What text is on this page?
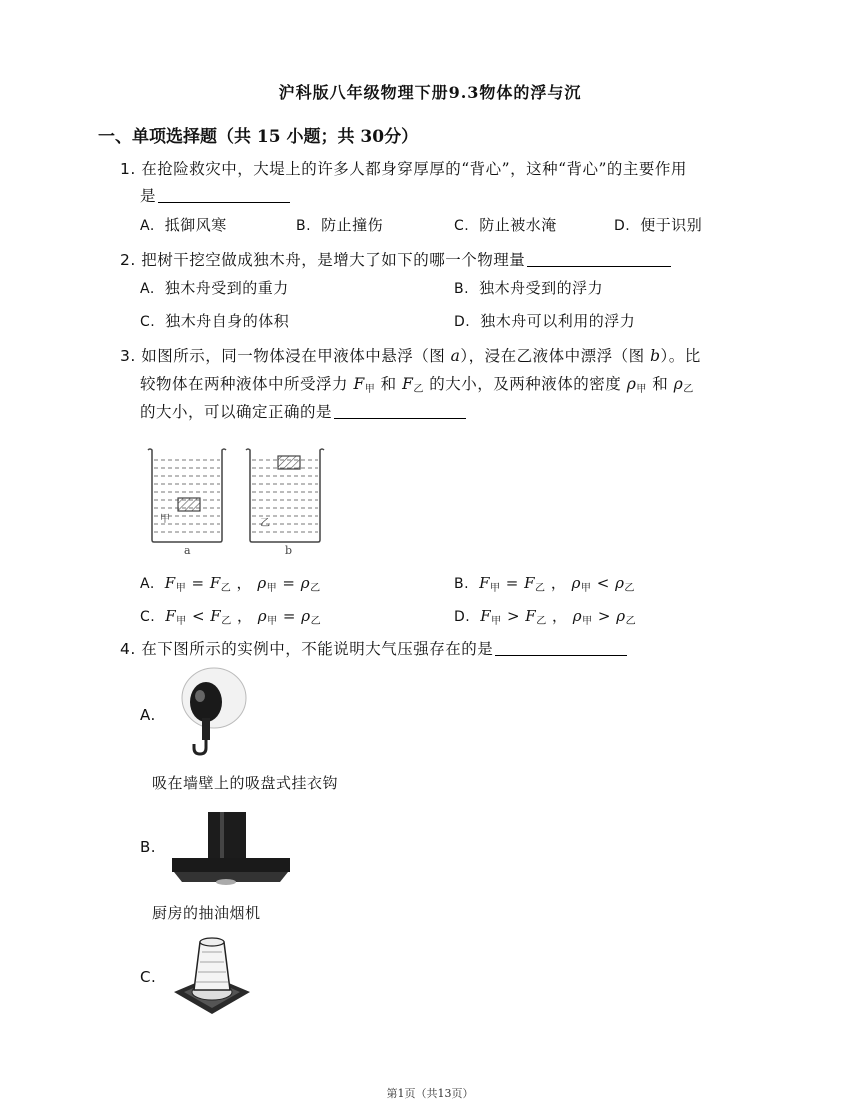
沪科版八年级物理下册9.3物体的浮与沉
一、单项选择题（共 15 小题；共 30分）
1. 在抢险救灾中，大堤上的许多人都身穿厚厚的“背心”，这种“背心”的主要作用
是
A. 抵御风寒	B. 防止撞伤	C. 防止被水淹	D. 便于识别
2. 把树干挖空做成独木舟，是增大了如下的哪一个物理量
A. 独木舟受到的重力	B. 独木舟受到的浮力
C. 独木舟自身的体积	D. 独木舟可以利用的浮力
3. 如图所示，同一物体浸在甲液体中悬浮（图 a），浸在乙液体中漂浮（图 b）。比
较物体在两种液体中所受浮力 $F_甲$ 和 $F_乙$ 的大小，及两种液体的密度 $\rho_甲$ 和 $\rho_乙$
的大小，可以确定正确的是
甲
a
乙
b
A. $F_甲 = F_乙$ ， $\rho_甲 = \rho_乙$	B. $F_甲 = F_乙$ ， $\rho_甲 < \rho_乙$
C. $F_甲 < F_乙$ ， $\rho_甲 = \rho_乙$	D. $F_甲 > F_乙$ ， $\rho_甲 > \rho_乙$
4. 在下图所示的实例中，不能说明大气压强存在的是
A.
吸在墙壁上的吸盘式挂衣钩
B.
厨房的抽油烟机
C.
第1页（共13页）
